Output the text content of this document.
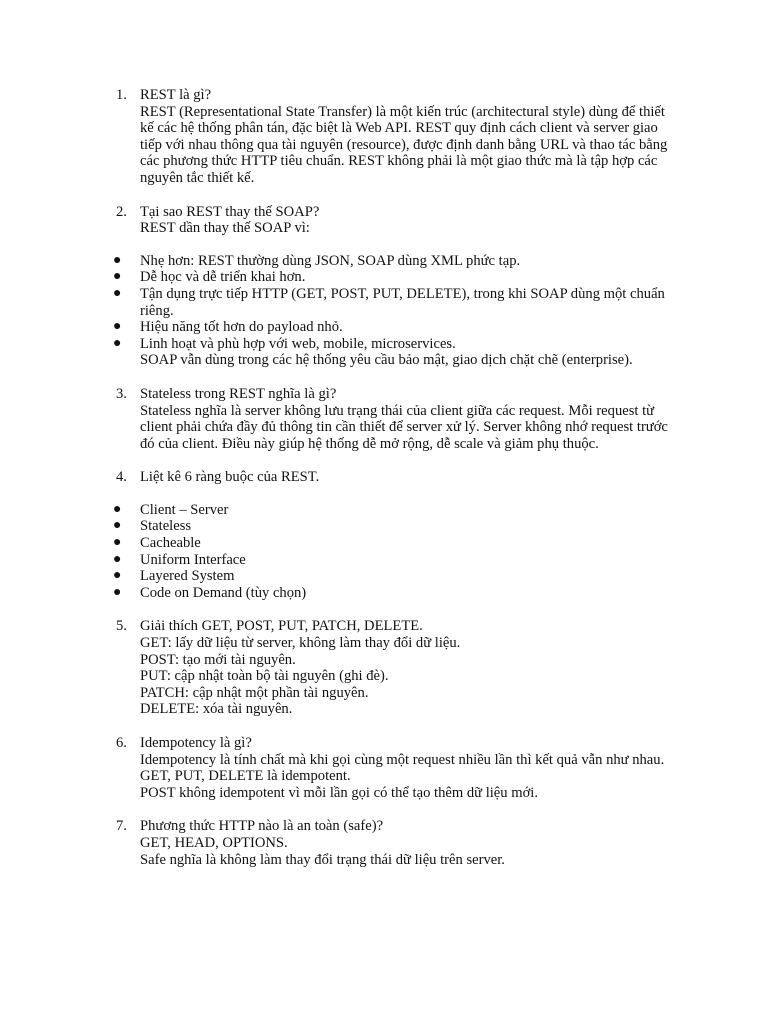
1. REST là gì?
REST (Representational State Transfer) là một kiến trúc (architectural style) dùng để thiết kế các hệ thống phân tán, đặc biệt là Web API. REST quy định cách client và server giao tiếp với nhau thông qua tài nguyên (resource), được định danh bằng URL và thao tác bằng các phương thức HTTP tiêu chuẩn. REST không phải là một giao thức mà là tập hợp các nguyên tắc thiết kế.
2. Tại sao REST thay thế SOAP?
REST dần thay thế SOAP vì:
● Nhẹ hơn: REST thường dùng JSON, SOAP dùng XML phức tạp.
● Dễ học và dễ triển khai hơn.
● Tận dụng trực tiếp HTTP (GET, POST, PUT, DELETE), trong khi SOAP dùng một chuẩn riêng.
● Hiệu năng tốt hơn do payload nhỏ.
● Linh hoạt và phù hợp với web, mobile, microservices.
SOAP vẫn dùng trong các hệ thống yêu cầu bảo mật, giao dịch chặt chẽ (enterprise).
3. Stateless trong REST nghĩa là gì?
Stateless nghĩa là server không lưu trạng thái của client giữa các request. Mỗi request từ client phải chứa đầy đủ thông tin cần thiết để server xử lý. Server không nhớ request trước đó của client. Điều này giúp hệ thống dễ mở rộng, dễ scale và giảm phụ thuộc.
4. Liệt kê 6 ràng buộc của REST.
● Client – Server
● Stateless
● Cacheable
● Uniform Interface
● Layered System
● Code on Demand (tùy chọn)
5. Giải thích GET, POST, PUT, PATCH, DELETE.
GET: lấy dữ liệu từ server, không làm thay đổi dữ liệu.
POST: tạo mới tài nguyên.
PUT: cập nhật toàn bộ tài nguyên (ghi đè).
PATCH: cập nhật một phần tài nguyên.
DELETE: xóa tài nguyên.
6. Idempotency là gì?
Idempotency là tính chất mà khi gọi cùng một request nhiều lần thì kết quả vẫn như nhau.
GET, PUT, DELETE là idempotent.
POST không idempotent vì mỗi lần gọi có thể tạo thêm dữ liệu mới.
7. Phương thức HTTP nào là an toàn (safe)?
GET, HEAD, OPTIONS.
Safe nghĩa là không làm thay đổi trạng thái dữ liệu trên server.
